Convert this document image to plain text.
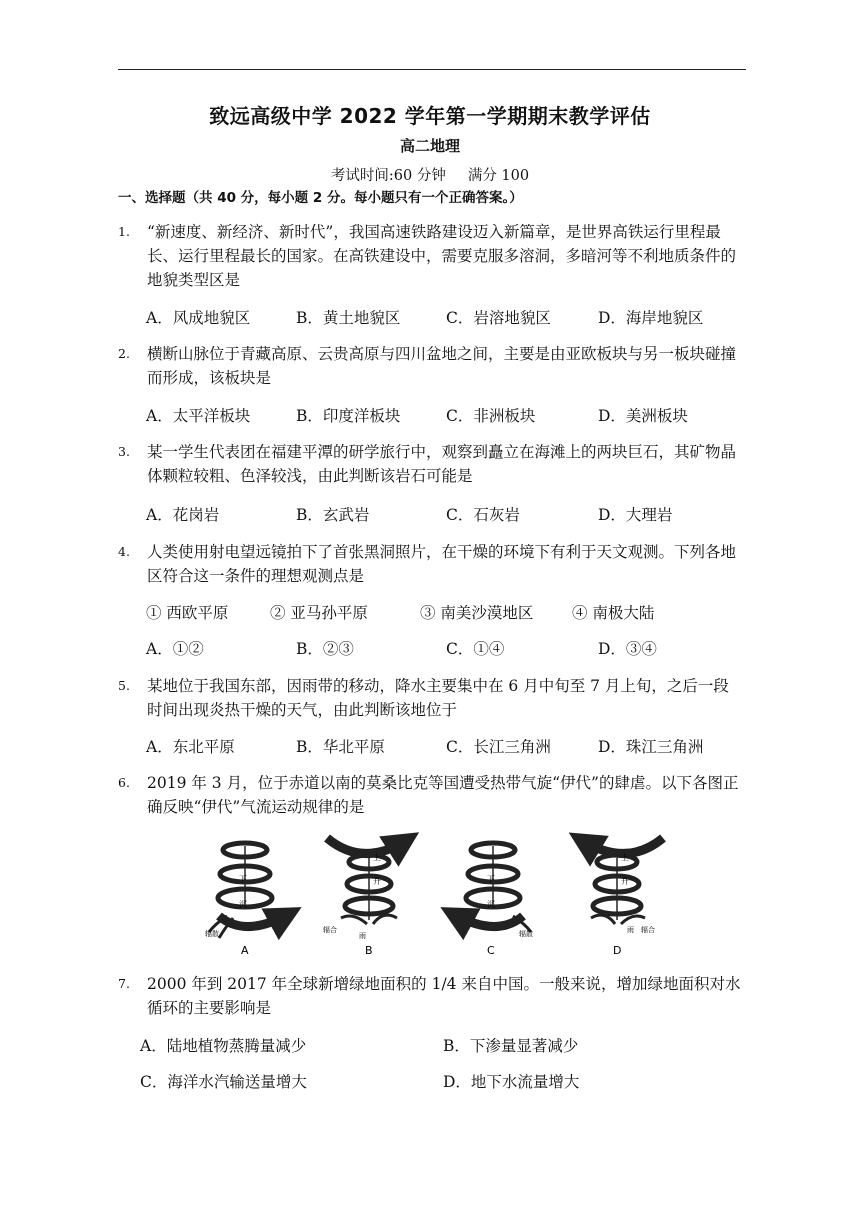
致远高级中学 2022 学年第一学期期末教学评估
高二地理
考试时间:60 分钟 满分 100
一、选择题（共 40 分，每小题 2 分。每小题只有一个正确答案。）
1.	“新速度、新经济、新时代”，我国高速铁路建设迈入新篇章，是世界高铁运行里程最长、运行里程最长的国家。在高铁建设中，需要克服多溶洞，多暗河等不利地质条件的地貌类型区是
A．风成地貌区	B．黄土地貌区	C．岩溶地貌区	D．海岸地貌区
2.	横断山脉位于青藏高原、云贵高原与四川盆地之间，主要是由亚欧板块与另一板块碰撞而形成，该板块是
A．太平洋板块	B．印度洋板块	C．非洲板块	D．美洲板块
3.	某一学生代表团在福建平潭的研学旅行中，观察到矗立在海滩上的两块巨石，其矿物晶体颗粒较粗、色泽较浅，由此判断该岩石可能是
A．花岗岩	B．玄武岩	C．石灰岩	D．大理岩
4.	人类使用射电望远镜拍下了首张黑洞照片，在干燥的环境下有利于天文观测。下列各地区符合这一条件的理想观测点是
① 西欧平原	② 亚马孙平原	③ 南美沙漠地区 ④ 南极大陆
A．①②	B．②③	C．①④	D．③④
5.	某地位于我国东部，因雨带的移动，降水主要集中在 6 月中旬至 7 月上旬，之后一段时间出现炎热干燥的天气，由此判断该地位于
A．东北平原	B．华北平原	C．长江三角洲	D．珠江三角洲
6.	2019 年 3 月，位于赤道以南的莫桑比克等国遭受热带气旋“伊代”的肆虐。以下各图正确反映“伊代”气流运动规律的是
下
沉
辐散
A
上
升
辐合
雨
B
下
沉
辐散
C
上
升
雨 辐合
D
7.	2000 年到 2017 年全球新增绿地面积的 1/4 来自中国。一般来说，增加绿地面积对水循环的主要影响是
A．陆地植物蒸腾量减少	B．下渗量显著减少
C．海洋水汽输送量增大	D．地下水流量增大
